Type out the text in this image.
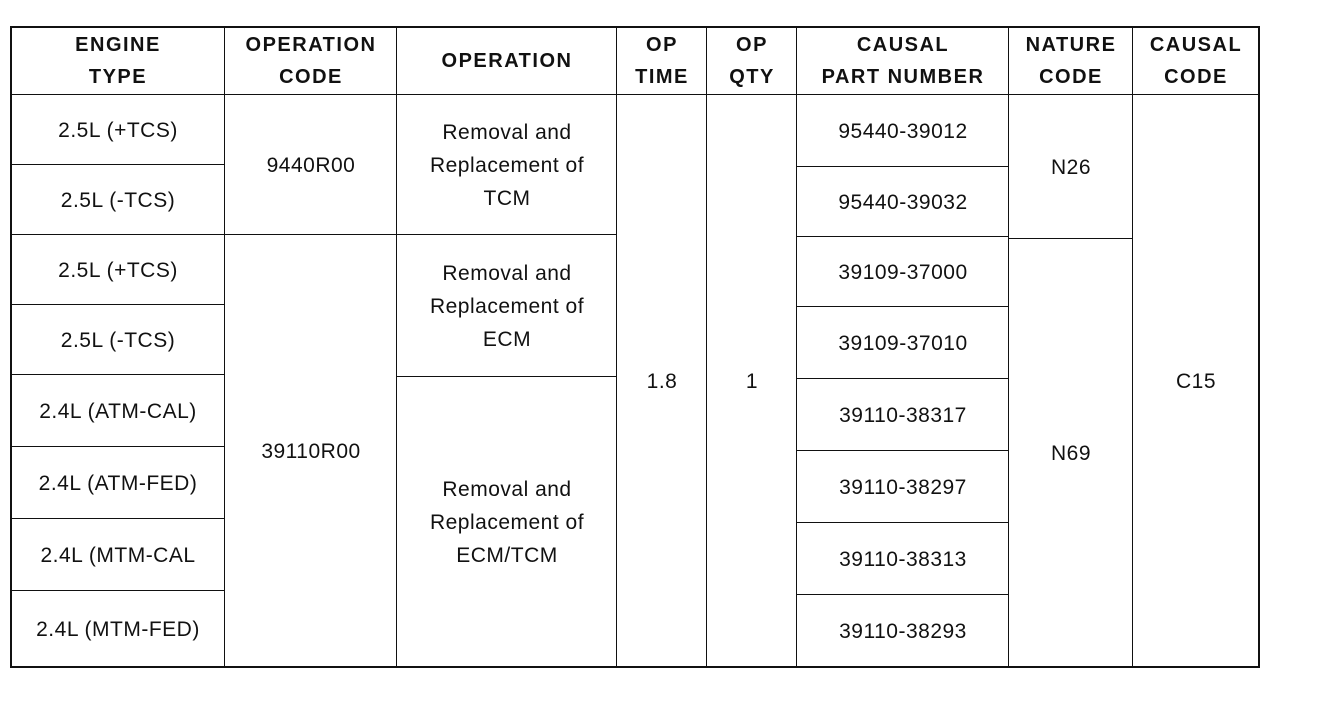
ENGINE
TYPE
OPERATION
CODE
OPERATION
OP
TIME
OP
QTY
CAUSAL
PART NUMBER
NATURE
CODE
CAUSAL
CODE
2.5L (+TCS)
2.5L (-TCS)
2.5L (+TCS)
2.5L (-TCS)
2.4L (ATM-CAL)
2.4L (ATM-FED)
2.4L (MTM-CAL
2.4L (MTM-FED)
9440R00
39110R00
Removal and
Replacement of
TCM
Removal and
Replacement of
ECM
Removal and
Replacement of
ECM/TCM
1.8	1
95440-39012
95440-39032
39109-37000
39109-37010
39110-38317
39110-38297
39110-38313
39110-38293
N26
N69
C15
